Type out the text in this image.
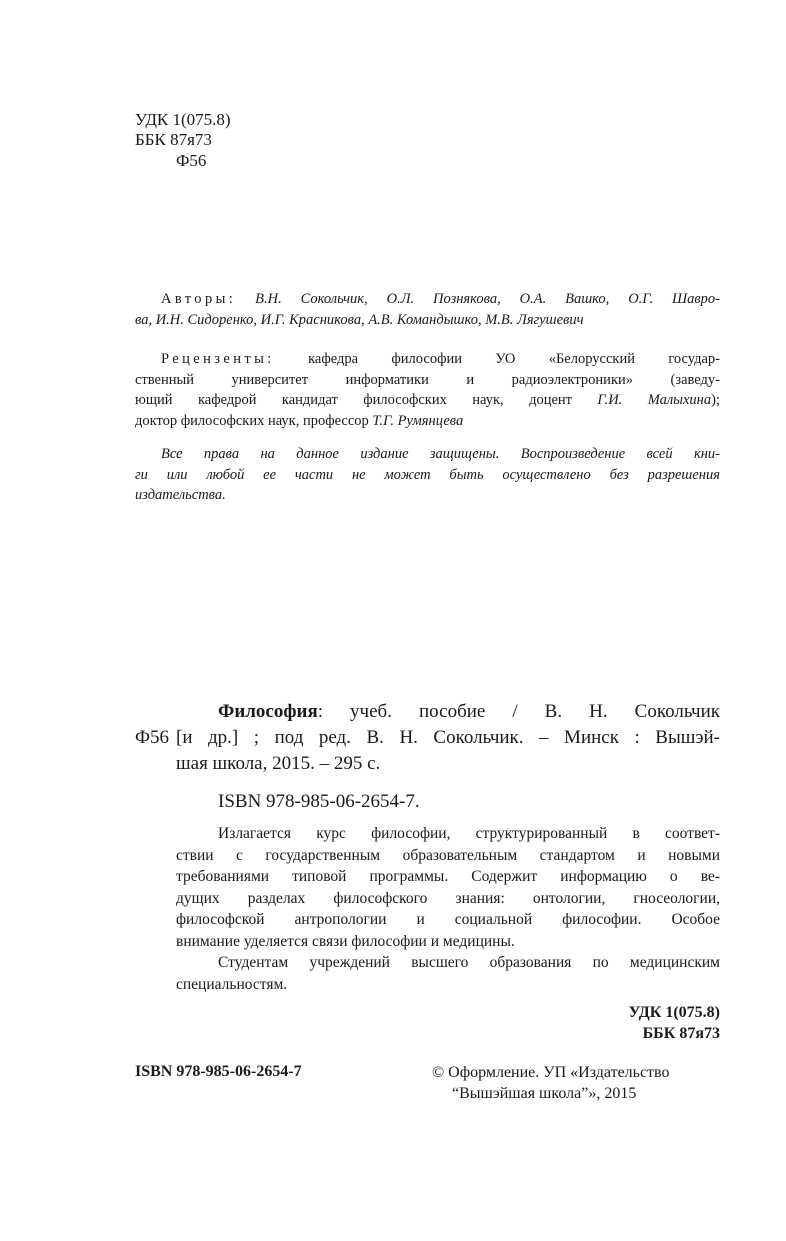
УДК 1(075.8)
ББК 87я73
Ф56
Авторы: В.Н. Сокольчик, О.Л. Познякова, О.А. Вашко, О.Г. Шавро-
ва, И.Н. Сидоренко, И.Г. Красникова, А.В. Командышко, М.В. Лягушевич
Рецензенты: кафедра философии УО «Белорусский государ-
ственный университет информатики и радиоэлектроники» (заведу-
ющий кафедрой кандидат философских наук, доцент Г.И. Малыхина);
доктор философских наук, профессор Т.Г. Румянцева
Все права на данное издание защищены. Воспроизведение всей кни-
ги или любой ее части не может быть осуществлено без разрешения
издательства.
Ф56
Философия: учеб. пособие / В. Н. Сокольчик
[и др.] ; под ред. В. Н. Сокольчик. – Минск : Вышэй-
шая школа, 2015. – 295 с.
ISBN 978-985-06-2654-7.
Излагается курс философии, структурированный в соответ-
ствии с государственным образовательным стандартом и новыми
требованиями типовой программы. Содержит информацию о ве-
дущих разделах философского знания: онтологии, гносеологии,
философской антропологии и социальной философии. Особое
внимание уделяется связи философии и медицины.
Студентам учреждений высшего образования по медицинским
специальностям.
УДК 1(075.8)
ББК 87я73
ISBN 978-985-06-2654-7	© Оформление. УП «Издательство
“Вышэйшая школа”», 2015
